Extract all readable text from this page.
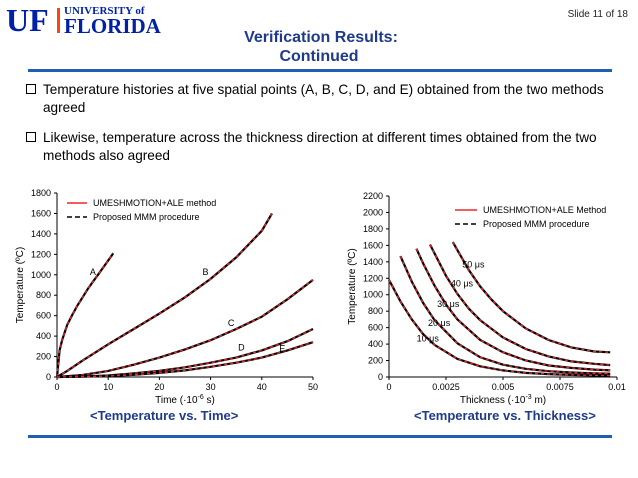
UF UNIVERSITY of
FLORIDA	Slide 11 of 18
Verification Results:
Continued
Temperature histories at five spatial points (A, B, C, D, and E) obtained from the two methods agreed
Likewise, temperature across the thickness direction at different times obtained from the two methods also agreed
0
200
400
600
800
1000
1200
1400
1600
1800
0	10	20	30	40	50
Time ($\cdot 10^{-6}$ s)
Temperature (ºC)	A	B
C
D	E
UMESHMOTION+ALE method
Proposed MMM procedure
0
200
400
600
800
1000
1200
1400
1600
1800
2000
2200
0	0.0025	0.005	0.0075	0.01
Thickness ($\cdot 10^{-3}$ m)
Temperature (ºC)
10 μs
20 μs
30 μs
40 μs
50 μs
UMESHMOTION+ALE Method
Proposed MMM procedure
<Temperature vs. Time>	<Temperature vs. Thickness>
